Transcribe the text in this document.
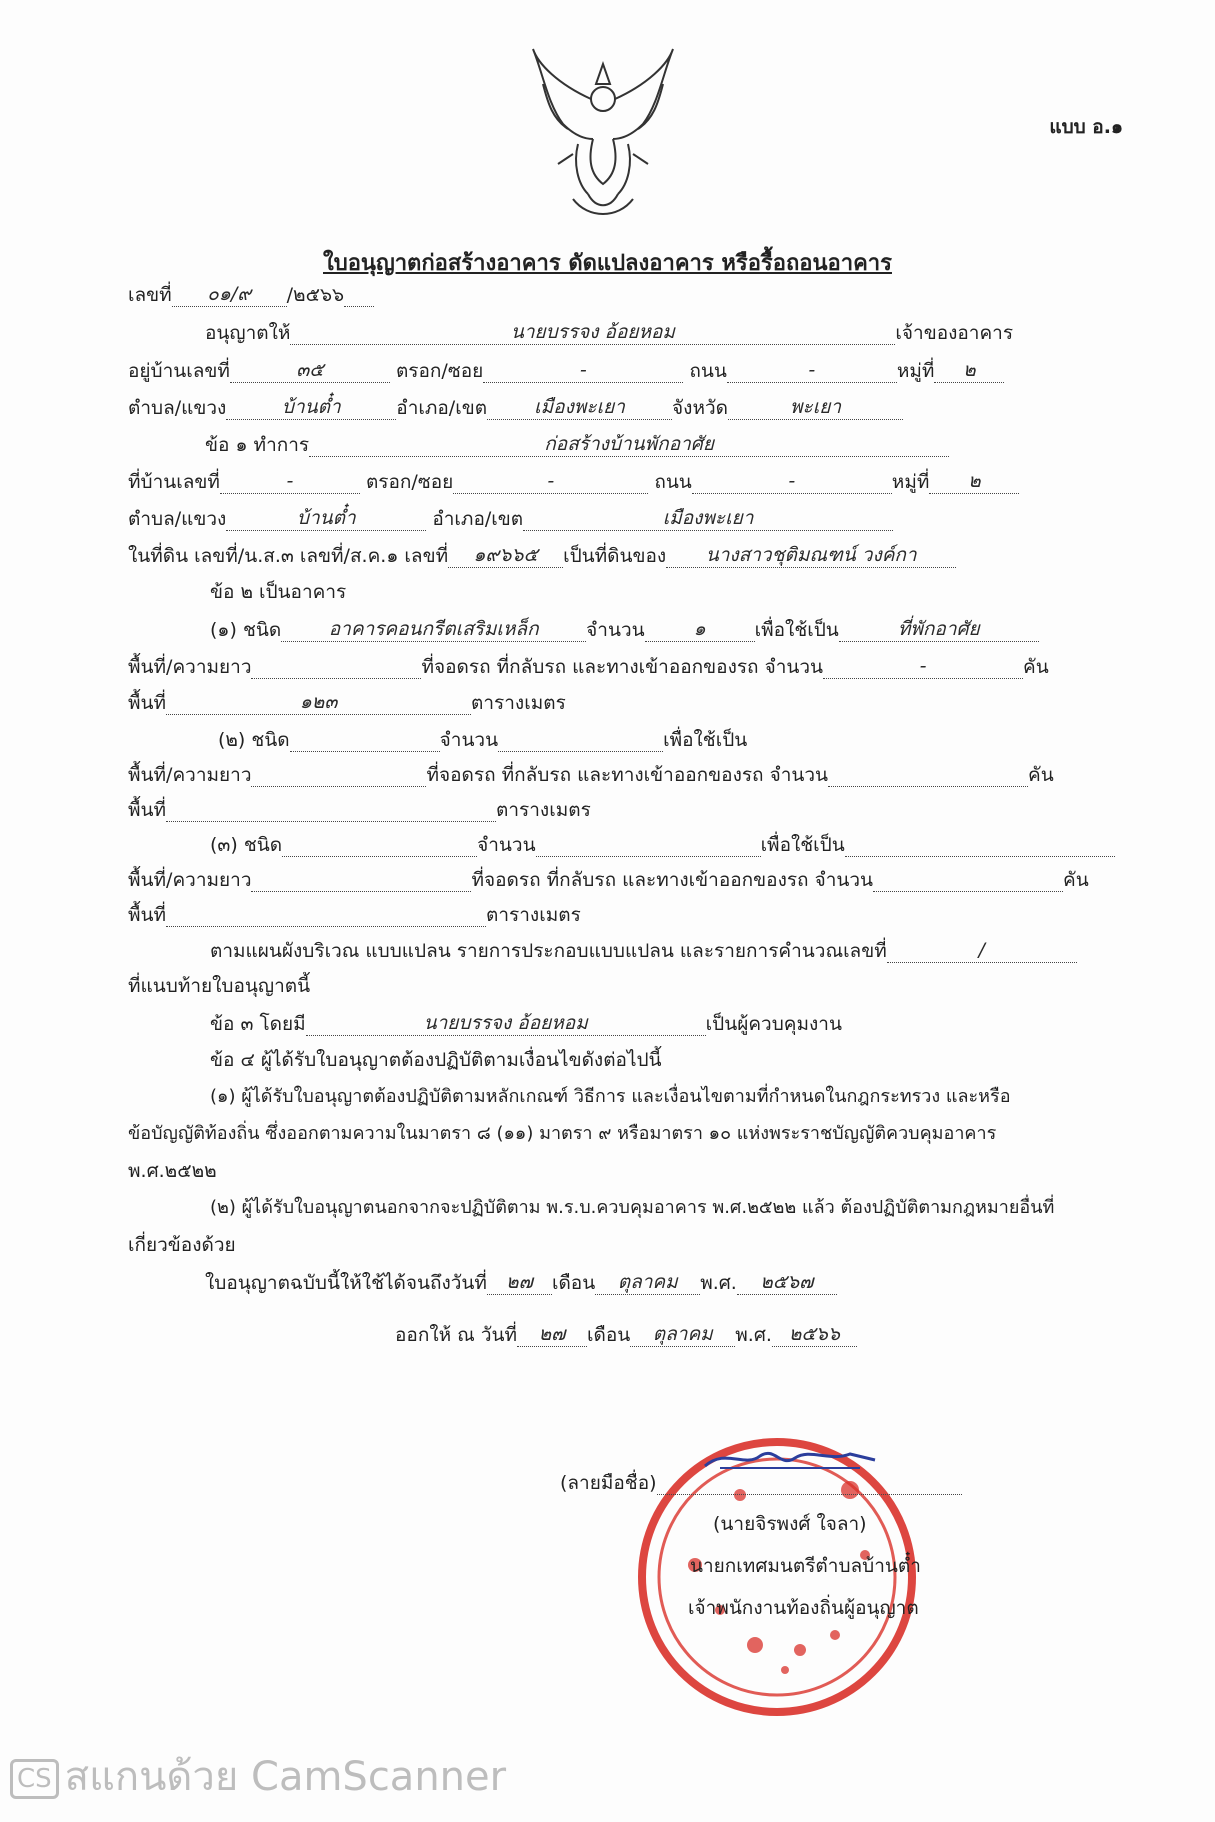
แบบ อ.๑
ใบอนุญาตก่อสร้างอาคาร ดัดแปลงอาคาร หรือรื้อถอนอาคาร
เลขที่ ๐๑/๙ /๒๕๖๖
อนุญาตให้	นายบรรจง อ้อยหอม	เจ้าของอาคาร
อยู่บ้านเลขที่	๓๕	ตรอก/ซอย	-	ถนน	-	หมู่ที่ ๒
ตำบล/แขวง	บ้านต๋ำ	อำเภอ/เขต เมืองพะเยา จังหวัด	พะเยา
ข้อ ๑ ทำการ	ก่อสร้างบ้านพักอาศัย
ที่บ้านเลขที่	-	ตรอก/ซอย	-	ถนน	-	หมู่ที่ ๒
ตำบล/แขวง	บ้านต๋ำ	อำเภอ/เขต	เมืองพะเยา
ในที่ดิน เลขที่/น.ส.๓ เลขที่/ส.ค.๑ เลขที่ ๑๙๖๖๕ เป็นที่ดินของ นางสาวชุติมณฑน์ วงค์กา
ข้อ ๒ เป็นอาคาร
(๑) ชนิด	อาคารคอนกรีตเสริมเหล็ก	จำนวน	๑	เพื่อใช้เป็น	ที่พักอาศัย
พื้นที่/ความยาว	ที่จอดรถ ที่กลับรถ และทางเข้าออกของรถ จำนวน	-	คัน
พื้นที่	๑๒๓	ตารางเมตร
(๒) ชนิด	จำนวน	เพื่อใช้เป็น
พื้นที่/ความยาว	ที่จอดรถ ที่กลับรถ และทางเข้าออกของรถ จำนวน	คัน
พื้นที่	ตารางเมตร
(๓) ชนิด	จำนวน	เพื่อใช้เป็น
พื้นที่/ความยาว	ที่จอดรถ ที่กลับรถ และทางเข้าออกของรถ จำนวน	คัน
พื้นที่	ตารางเมตร
ตามแผนผังบริเวณ แบบแปลน รายการประกอบแบบแปลน และรายการคำนวณเลขที่	/
ที่แนบท้ายใบอนุญาตนี้
ข้อ ๓ โดยมี	นายบรรจง อ้อยหอม	เป็นผู้ควบคุมงาน
ข้อ ๔ ผู้ได้รับใบอนุญาตต้องปฏิบัติตามเงื่อนไขดังต่อไปนี้
(๑) ผู้ได้รับใบอนุญาตต้องปฏิบัติตามหลักเกณฑ์ วิธีการ และเงื่อนไขตามที่กำหนดในกฎกระทรวง และหรือ
ข้อบัญญัติท้องถิ่น ซึ่งออกตามความในมาตรา ๘ (๑๑) มาตรา ๙ หรือมาตรา ๑๐ แห่งพระราชบัญญัติควบคุมอาคาร
พ.ศ.๒๕๒๒
(๒) ผู้ได้รับใบอนุญาตนอกจากจะปฏิบัติตาม พ.ร.บ.ควบคุมอาคาร พ.ศ.๒๕๒๒ แล้ว ต้องปฏิบัติตามกฎหมายอื่นที่
เกี่ยวข้องด้วย
ใบอนุญาตฉบับนี้ให้ใช้ได้จนถึงวันที่ ๒๗ เดือน ตุลาคม พ.ศ. ๒๕๖๗
ออกให้ ณ วันที่ ๒๗ เดือน ตุลาคม พ.ศ. ๒๕๖๖
(ลายมือชื่อ)
(นายจิรพงศ์ ใจลา)
นายกเทศมนตรีตำบลบ้านต๋ำ
เจ้าพนักงานท้องถิ่นผู้อนุญาต
CS สแกนด้วย CamScanner
